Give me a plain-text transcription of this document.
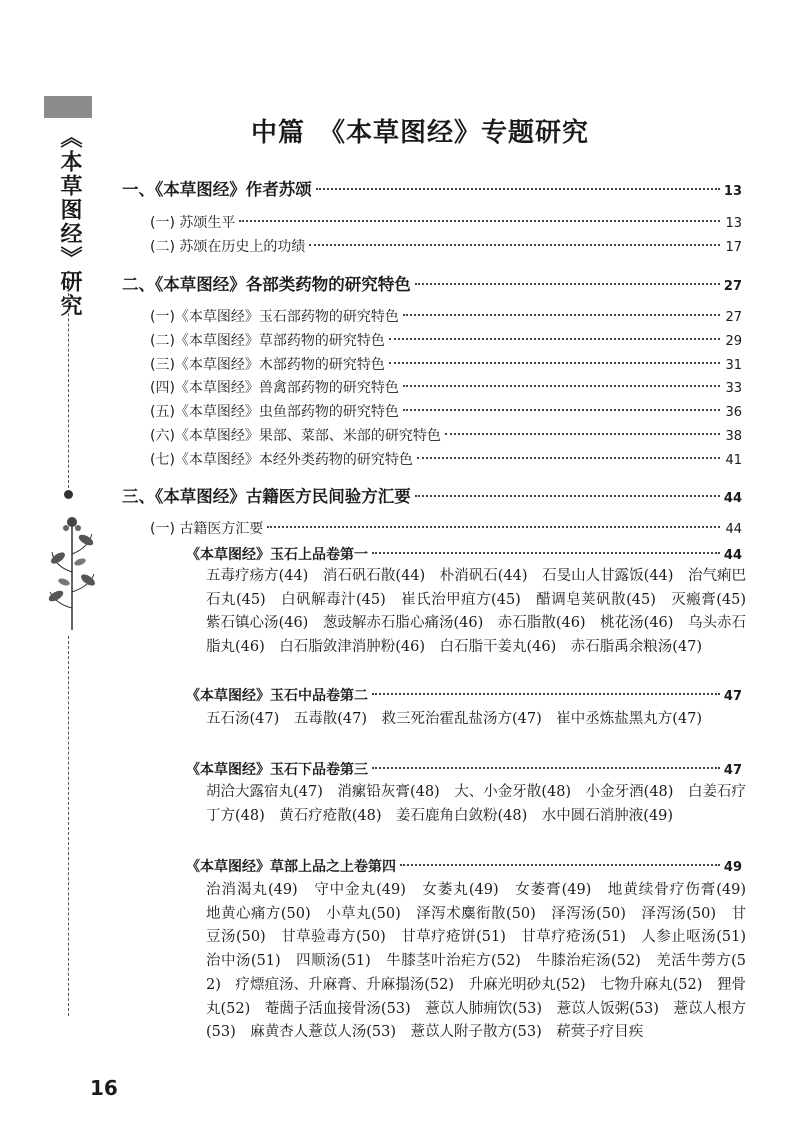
《本草图经》研究
16
中篇　《本草图经》专题研究
一、《本草图经》作者苏颂	13
(一) 苏颂生平	13
(二) 苏颂在历史上的功绩	17
二、《本草图经》各部类药物的研究特色	27
(一)《本草图经》玉石部药物的研究特色	27
(二)《本草图经》草部药物的研究特色	29
(三)《本草图经》木部药物的研究特色	31
(四)《本草图经》兽禽部药物的研究特色	33
(五)《本草图经》虫鱼部药物的研究特色	36
(六)《本草图经》果部、菜部、米部的研究特色	38
(七)《本草图经》本经外类药物的研究特色	41
三、《本草图经》古籍医方民间验方汇要	44
(一) 古籍医方汇要	44
《本草图经》玉石上品卷第一	44
五毒疗疡方(44)　消石矾石散(44)　朴消矾石(44)　石旻山人甘露饭(44)　治气痢巴石丸(45)　白矾解毒汁(45)　崔氏治甲疽方(45)　醋调皂荚矾散(45)　灭瘢膏(45)　紫石镇心汤(46)　葱豉解赤石脂心痛汤(46)　赤石脂散(46)　桃花汤(46)　乌头赤石脂丸(46)　白石脂敛津消肿粉(46)　白石脂干姜丸(46)　赤石脂禹余粮汤(47)
《本草图经》玉石中品卷第二	47
五石汤(47)　五毒散(47)　救三死治霍乱盐汤方(47)　崔中丞炼盐黑丸方(47)
《本草图经》玉石下品卷第三	47
胡洽大露宿丸(47)　消瘰铅灰膏(48)　大、小金牙散(48)　小金牙酒(48)　白姜石疗丁方(48)　黄石疗疮散(48)　姜石鹿角白敛粉(48)　水中圆石消肿液(49)
《本草图经》草部上品之上卷第四	49
治消渴丸(49)　守中金丸(49)　女萎丸(49)　女萎膏(49)　地黄续骨疗伤膏(49)　地黄心痛方(50)　小草丸(50)　泽泻术麋衔散(50)　泽泻汤(50)　泽泻汤(50)　甘豆汤(50)　甘草验毒方(50)　甘草疗疮饼(51)　甘草疗疮汤(51)　人参止呕汤(51)　治中汤(51)　四顺汤(51)　牛膝茎叶治疟方(52)　牛膝治疟汤(52)　羌活牛蒡方(52)　疗熛疽汤、升麻膏、升麻搨汤(52)　升麻光明砂丸(52)　七物升麻丸(52)　狸骨丸(52)　菴䕡子活血接骨汤(53)　薏苡人肺痈饮(53)　薏苡人饭粥(53)　薏苡人根方(53)　麻黄杏人薏苡人汤(53)　薏苡人附子散方(53)　菥蓂子疗目疾
